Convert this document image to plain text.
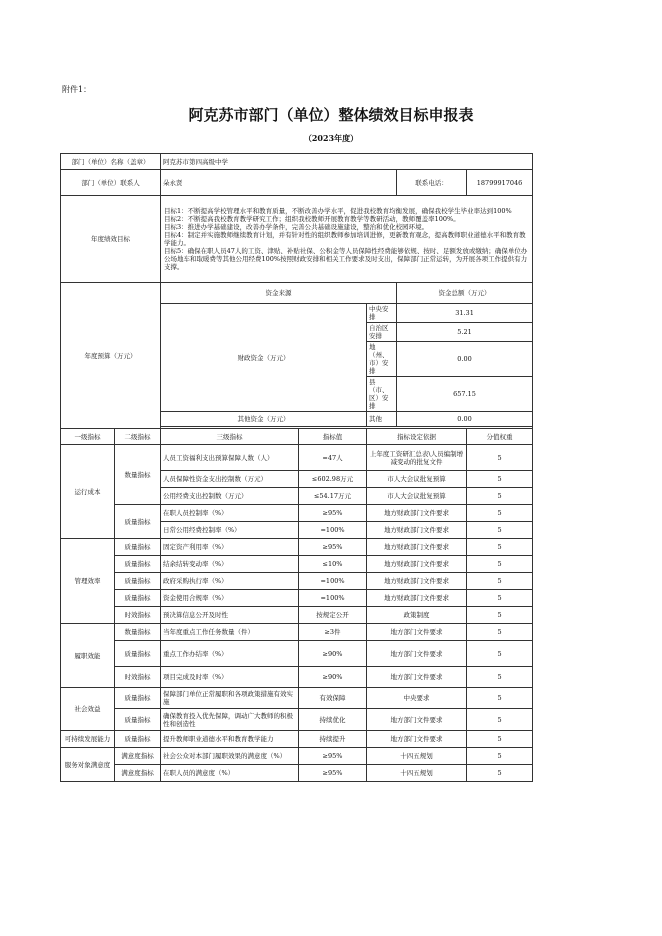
附件1：
阿克苏市部门（单位）整体绩效目标申报表
（2023年度）
部门（单位）名称（盖章）		阿克苏市第四高级中学				
部门（单位）联系人		朵永贤			联系电话：	18799917046
年度绩效目标		目标1：不断提高学校管理水平和教育质量，不断改善办学水平，促进我校教育均衡发展，确保我校学生毕业率达到100%
目标2：不断提高我校教育教学研究工作；组织我校教师开展教育教学等教研活动，教师覆盖率100%。
目标3：推进办学基础建设，改善办学条件，完善公共基础设施建设，整治和优化校园环境。
目标4：制定并实施教师继续教育计划，并有针对性的组织教师参加培训进修，更新教育观念，提高教师职业道德水平和教育教学能力。
目标5：确保在职人员47人的工资、津贴、补贴社保、公积金等人员保障性经费能够依规、按时、足额发放或缴纳；确保单位办公场地车和取暖费等其他公用经费100%按照财政安排和相关工作要求及时支出，保障部门正常运转，为开展各项工作提供有力支撑。				

年度预算（万元）		资金来源			资金总额（万元）	
		财政资金（万元）		中央安排	31.31	
				自治区安排	5.21	
				地（州、市）安排	0.00	
				县（市、区）安排	657.15	
		其他资金（万元）		其他	0.00	

一级指标	二级指标	三级指标	指标值	指标设定依据		分值权重
运行成本	数量指标	人员工资福利支出预算保障人数（人）	=47人	上年度工资研汇总表\人员编制增减变动的批复文件		5
		人员保障性资金支出控制数（万元）	≤602.98万元	市人大会议批复预算		5
		公用经费支出控制数（万元）	≤54.17万元	市人大会议批复预算		5
	质量指标	在职人员控制率（%）	≥95%	地方财政部门文件要求		5
		日常公用经费控制率（%）	=100%	地方财政部门文件要求		5
管理效率	质量指标	固定资产利用率（%）	≥95%	地方财政部门文件要求		5
	质量指标	结余结转变动率（%）	≤10%	地方财政部门文件要求		5
	质量指标	政府采购执行率（%）	=100%	地方财政部门文件要求		5
	质量指标	资金使用合规率（%）	=100%	地方财政部门文件要求		5
	时效指标	预决算信息公开及时性	按规定公开	政策制度		5
履职效能	数量指标	当年度重点工作任务数量（件）	≥3件	地方部门文件要求		5
	质量指标	重点工作办结率（%）	≥90%	地方部门文件要求		5
	时效指标	项目完成及时率（%）	≥90%	地方部门文件要求		5
社会效益	质量指标	保障部门单位正常履职和各项政策措施有效实施	有效保障	中央要求		5
	质量指标	确保教育投入优先保障，调动广大教师的积极性和创造性	持续优化	地方部门文件要求		5
可持续发展能力	质量指标	提升教师职业道德水平和教育教学能力	持续提升	地方部门文件要求		5
服务对象满意度	满意度指标	社会公众对本部门履职效果的满意度（%）	≥95%	十四五规划		5
	满意度指标	在职人员的满意度（%）	≥95%	十四五规划		5
